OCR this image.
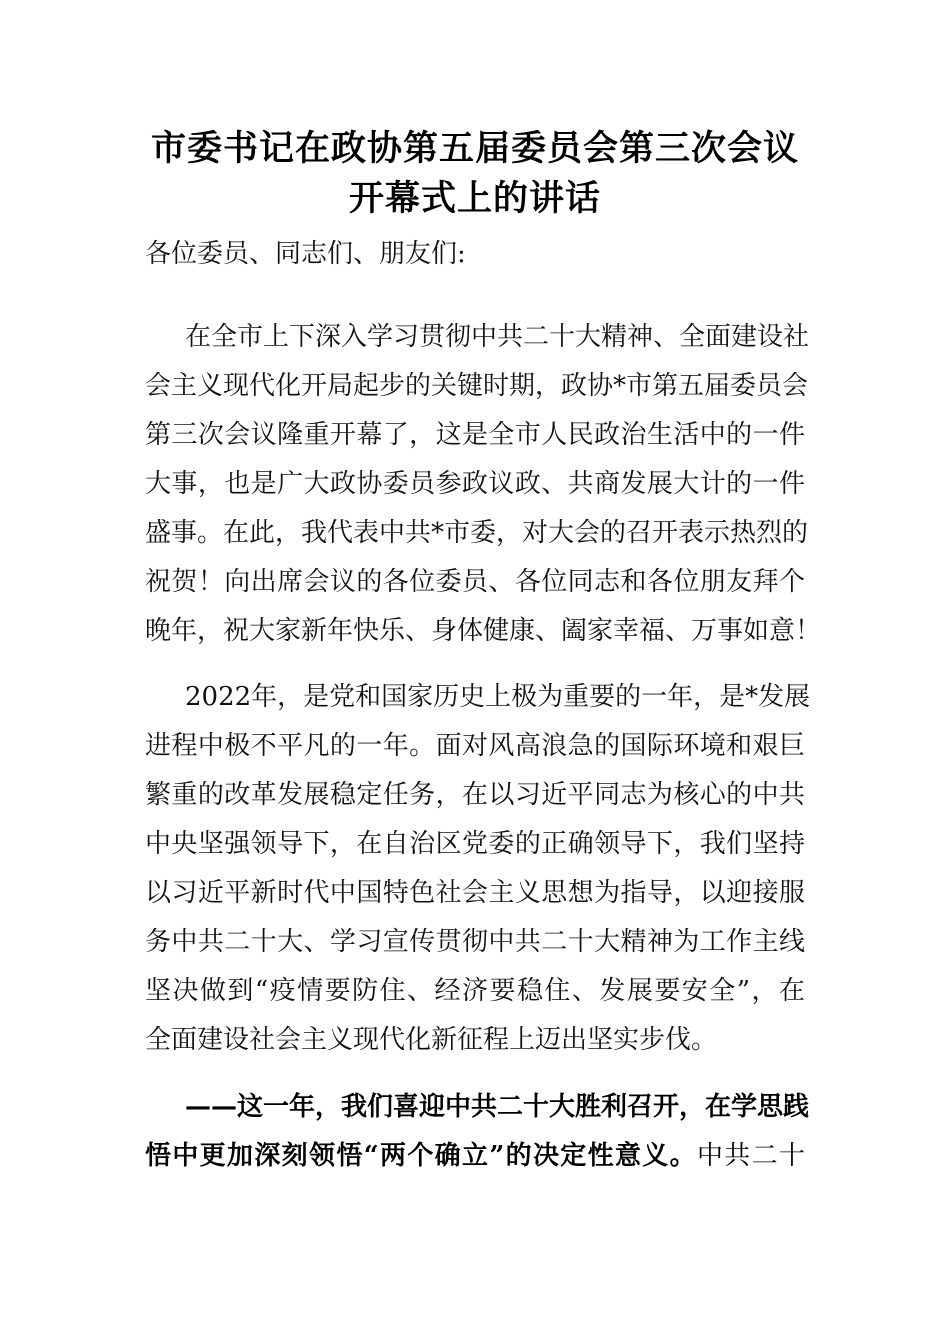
市委书记在政协第五届委员会第三次会议
开幕式上的讲话
各位委员、同志们、朋友们:
在全市上下深入学习贯彻中共二十大精神、全面建设社
会主义现代化开局起步的关键时期，政协*市第五届委员会
第三次会议隆重开幕了，这是全市人民政治生活中的一件
大事，也是广大政协委员参政议政、共商发展大计的一件
盛事。在此，我代表中共*市委，对大会的召开表示热烈的
祝贺！向出席会议的各位委员、各位同志和各位朋友拜个
晚年，祝大家新年快乐、身体健康、阖家幸福、万事如意！
2022年，是党和国家历史上极为重要的一年，是*发展
进程中极不平凡的一年。面对风高浪急的国际环境和艰巨
繁重的改革发展稳定任务，在以习近平同志为核心的中共
中央坚强领导下，在自治区党委的正确领导下，我们坚持
以习近平新时代中国特色社会主义思想为指导，以迎接服
务中共二十大、学习宣传贯彻中共二十大精神为工作主线
坚决做到“疫情要防住、经济要稳住、发展要安全”，在
全面建设社会主义现代化新征程上迈出坚实步伐。
——这一年，我们喜迎中共二十大胜利召开，在学思践
悟中更加深刻领悟“两个确立”的决定性意义。中共二十
